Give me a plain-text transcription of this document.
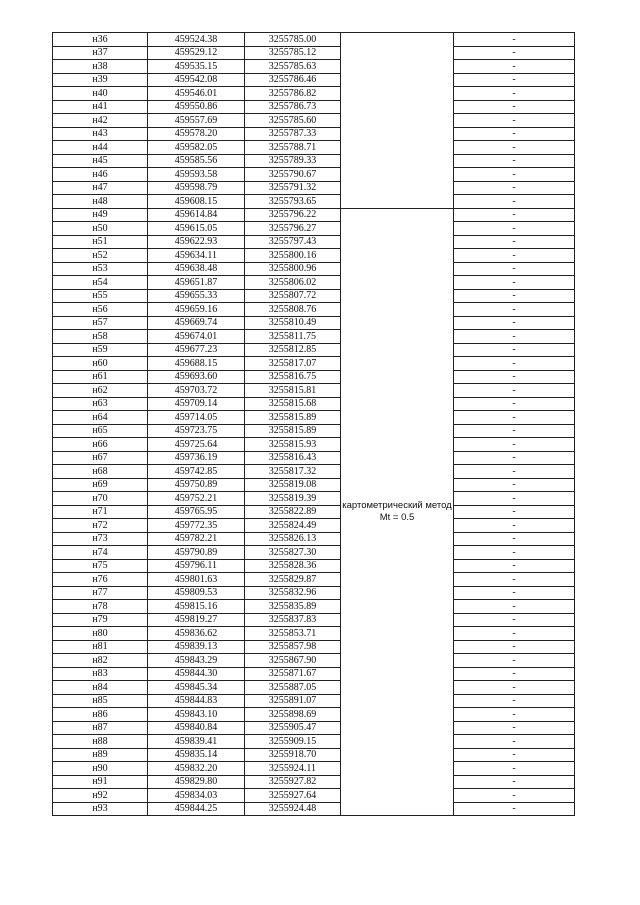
н36	459524.38	3255785.00		-
н37	459529.12	3255785.12		-
н38	459535.15	3255785.63		-
н39	459542.08	3255786.46		-
н40	459546.01	3255786.82		-
н41	459550.86	3255786.73		-
н42	459557.69	3255785.60		-
н43	459578.20	3255787.33		-
н44	459582.05	3255788.71		-
н45	459585.56	3255789.33		-
н46	459593.58	3255790.67		-
н47	459598.79	3255791.32		-
н48	459608.15	3255793.65		-
н49	459614.84	3255796.22	картометрический метод Mt = 0.5	-
н50	459615.05	3255796.27		-
н51	459622.93	3255797.43		-
н52	459634.11	3255800.16		-
н53	459638.48	3255800.96		-
н54	459651.87	3255806.02		-
н55	459655.33	3255807.72		-
н56	459659.16	3255808.76		-
н57	459669.74	3255810.49		-
н58	459674.01	3255811.75		-
н59	459677.23	3255812.85		-
н60	459688.15	3255817.07		-
н61	459693.60	3255816.75		-
н62	459703.72	3255815.81		-
н63	459709.14	3255815.68		-
н64	459714.05	3255815.89		-
н65	459723.75	3255815.89		-
н66	459725.64	3255815.93		-
н67	459736.19	3255816.43		-
н68	459742.85	3255817.32		-
н69	459750.89	3255819.08		-
н70	459752.21	3255819.39		-
н71	459765.95	3255822.89		-
н72	459772.35	3255824.49		-
н73	459782.21	3255826.13		-
н74	459790.89	3255827.30		-
н75	459796.11	3255828.36		-
н76	459801.63	3255829.87		-
н77	459809.53	3255832.96		-
н78	459815.16	3255835.89		-
н79	459819.27	3255837.83		-
н80	459836.62	3255853.71		-
н81	459839.13	3255857.98		-
н82	459843.29	3255867.90		-
н83	459844.30	3255871.67		-
н84	459845.34	3255887.05		-
н85	459844.83	3255891.07		-
н86	459843.10	3255898.69		-
н87	459840.84	3255905.47		-
н88	459839.41	3255909.15		-
н89	459835.14	3255918.70		-
н90	459832.20	3255924.11		-
н91	459829.80	3255927.82		-
н92	459834.03	3255927.64		-
н93	459844.25	3255924.48		-
